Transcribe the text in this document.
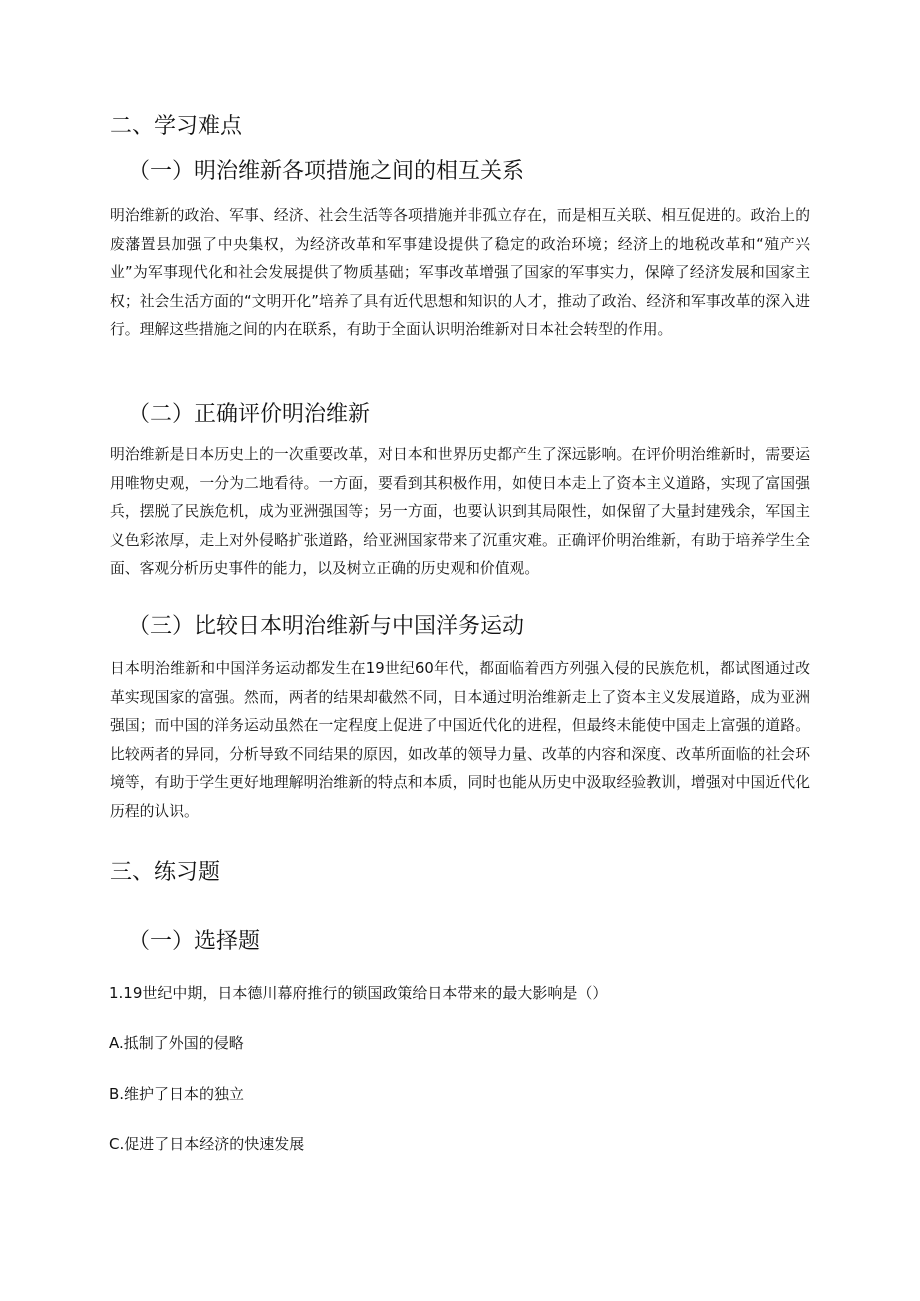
二、学习难点
（一）明治维新各项措施之间的相互关系

明治维新的政治、军事、经济、社会生活等各项措施并非孤立存在，而是相互关联、相互促进的。政治上的废藩置县加强了中央集权，为经济改革和军事建设提供了稳定的政治环境；经济上的地税改革和“殖产兴业”为军事现代化和社会发展提供了物质基础；军事改革增强了国家的军事实力，保障了经济发展和国家主权；社会生活方面的“文明开化”培养了具有近代思想和知识的人才，推动了政治、经济和军事改革的深入进行。理解这些措施之间的内在联系，有助于全面认识明治维新对日本社会转型的作用。

（二）正确评价明治维新

明治维新是日本历史上的一次重要改革，对日本和世界历史都产生了深远影响。在评价明治维新时，需要运用唯物史观，一分为二地看待。一方面，要看到其积极作用，如使日本走上了资本主义道路，实现了富国强兵，摆脱了民族危机，成为亚洲强国等；另一方面，也要认识到其局限性，如保留了大量封建残余，军国主义色彩浓厚，走上对外侵略扩张道路，给亚洲国家带来了沉重灾难。正确评价明治维新，有助于培养学生全面、客观分析历史事件的能力，以及树立正确的历史观和价值观。

（三）比较日本明治维新与中国洋务运动

日本明治维新和中国洋务运动都发生在19世纪60年代，都面临着西方列强入侵的民族危机，都试图通过改革实现国家的富强。然而，两者的结果却截然不同，日本通过明治维新走上了资本主义发展道路，成为亚洲强国；而中国的洋务运动虽然在一定程度上促进了中国近代化的进程，但最终未能使中国走上富强的道路。比较两者的异同，分析导致不同结果的原因，如改革的领导力量、改革的内容和深度、改革所面临的社会环境等，有助于学生更好地理解明治维新的特点和本质，同时也能从历史中汲取经验教训，增强对中国近代化历程的认识。

三、练习题
（一）选择题

1.19世纪中期，日本德川幕府推行的锁国政策给日本带来的最大影响是（）

A.抵制了外国的侵略

B.维护了日本的独立

C.促进了日本经济的快速发展
